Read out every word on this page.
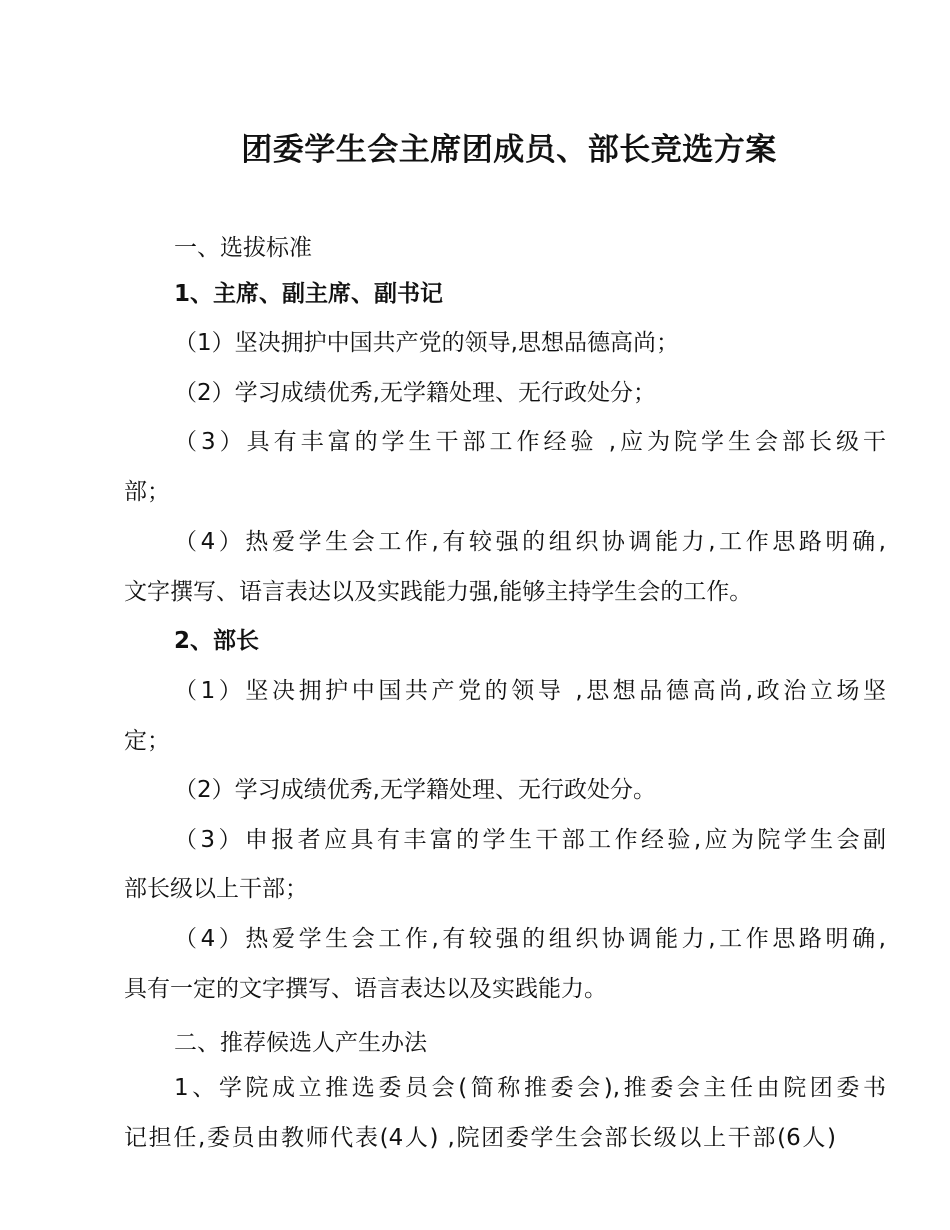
团委学生会主席团成员、部长竞选方案
一、选拔标准
1、主席、副主席、副书记
（1）坚决拥护中国共产党的领导,思想品德高尚；
（2）学习成绩优秀,无学籍处理、无行政处分；
（3）具有丰富的学生干部工作经验 ,应为院学生会部长级干
部；
（4）热爱学生会工作,有较强的组织协调能力,工作思路明确,
文字撰写、语言表达以及实践能力强,能够主持学生会的工作。
2、部长
（1）坚决拥护中国共产党的领导 ,思想品德高尚,政治立场坚
定；
（2）学习成绩优秀,无学籍处理、无行政处分。
（3）申报者应具有丰富的学生干部工作经验,应为院学生会副
部长级以上干部；
（4）热爱学生会工作,有较强的组织协调能力,工作思路明确,
具有一定的文字撰写、语言表达以及实践能力。
二、推荐候选人产生办法
1、学院成立推选委员会(简称推委会),推委会主任由院团委书
记担任,委员由教师代表(4人) ,院团委学生会部长级以上干部(6人)
